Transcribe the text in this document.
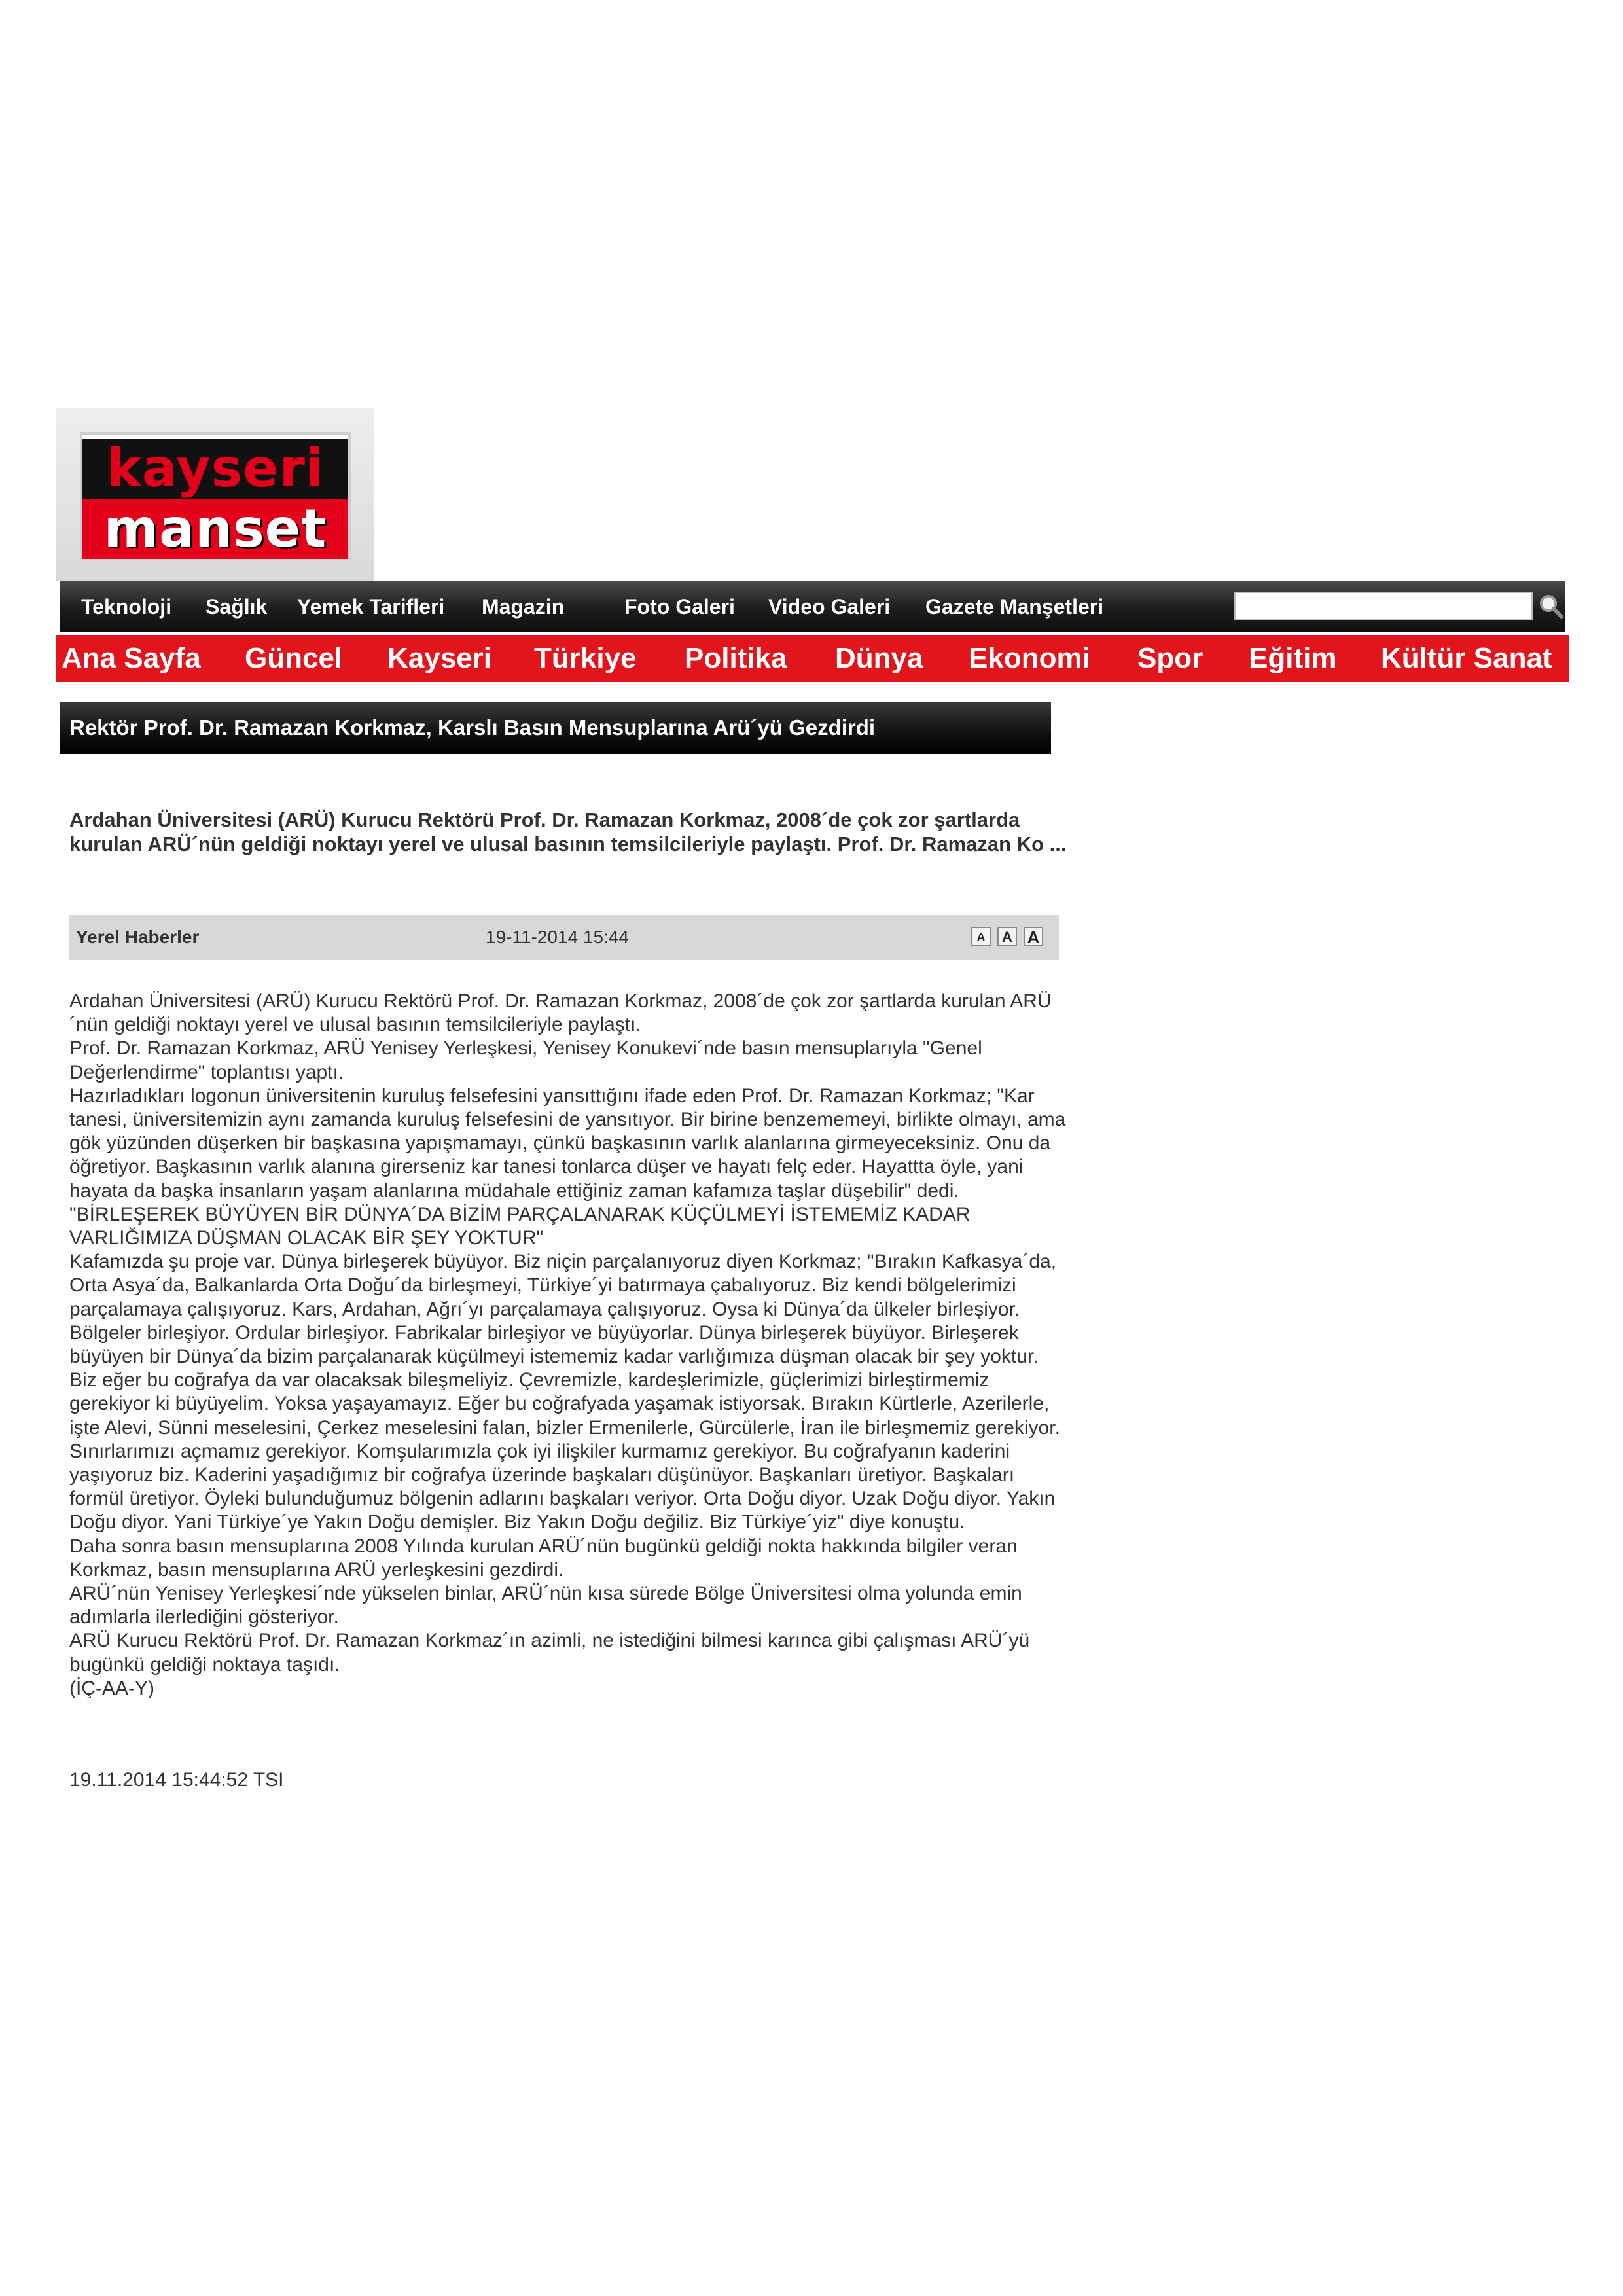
kayseri
manset
Teknoloji Sağlık Yemek Tarifleri Magazin	Foto Galeri Video Galeri Gazete Manşetleri
Ana Sayfa Güncel Kayseri Türkiye Politika Dünya Ekonomi Spor Eğitim Kültür Sanat
Rektör Prof. Dr. Ramazan Korkmaz, Karslı Basın Mensuplarına Arü´yü Gezdirdi
Ardahan Üniversitesi (ARÜ) Kurucu Rektörü Prof. Dr. Ramazan Korkmaz, 2008´de çok zor şartlarda kurulan ARÜ´nün geldiği noktayı yerel ve ulusal basının temsilcileriyle paylaştı. Prof. Dr. Ramazan Ko ...
Yerel Haberler	19-11-2014 15:44	A	A A

Ardahan Üniversitesi (ARÜ) Kurucu Rektörü Prof. Dr. Ramazan Korkmaz, 2008´de çok zor şartlarda kurulan ARÜ´nün geldiği noktayı yerel ve ulusal basının temsilcileriyle paylaştı.

Prof. Dr. Ramazan Korkmaz, ARÜ Yenisey Yerleşkesi, Yenisey Konukevi´nde basın mensuplarıyla "Genel Değerlendirme" toplantısı yaptı.

Hazırladıkları logonun üniversitenin kuruluş felsefesini yansıttığını ifade eden Prof. Dr. Ramazan Korkmaz; "Kar tanesi, üniversitemizin aynı zamanda kuruluş felsefesini de yansıtıyor. Bir birine benzememeyi, birlikte olmayı, ama gök yüzünden düşerken bir başkasına yapışmamayı, çünkü başkasının varlık alanlarına girmeyeceksiniz. Onu da öğretiyor. Başkasının varlık alanına girerseniz kar tanesi tonlarca düşer ve hayatı felç eder. Hayattta öyle, yani hayata da başka insanların yaşam alanlarına müdahale ettiğiniz zaman kafamıza taşlar düşebilir" dedi.

"BİRLEŞEREK BÜYÜYEN BİR DÜNYA´DA BİZİM PARÇALANARAK KÜÇÜLMEYİ İSTEMEMİZ KADAR VARLIĞIMIZA DÜŞMAN OLACAK BİR ŞEY YOKTUR"

Kafamızda şu proje var. Dünya birleşerek büyüyor. Biz niçin parçalanıyoruz diyen Korkmaz; "Bırakın Kafkasya´da, Orta Asya´da, Balkanlarda Orta Doğu´da birleşmeyi, Türkiye´yi batırmaya çabalıyoruz. Biz kendi bölgelerimizi parçalamaya çalışıyoruz. Kars, Ardahan, Ağrı´yı parçalamaya çalışıyoruz. Oysa ki Dünya´da ülkeler birleşiyor. Bölgeler birleşiyor. Ordular birleşiyor. Fabrikalar birleşiyor ve büyüyorlar. Dünya birleşerek büyüyor. Birleşerek büyüyen bir Dünya´da bizim parçalanarak küçülmeyi istememiz kadar varlığımıza düşman olacak bir şey yoktur. Biz eğer bu coğrafya da var olacaksak bileşmeliyiz. Çevremizle, kardeşlerimizle, güçlerimizi birleştirmemiz gerekiyor ki büyüyelim. Yoksa yaşayamayız. Eğer bu coğrafyada yaşamak istiyorsak. Bırakın Kürtlerle, Azerilerle, işte Alevi, Sünni meselesini, Çerkez meselesini falan, bizler Ermenilerle, Gürcülerle, İran ile birleşmemiz gerekiyor. Sınırlarımızı açmamız gerekiyor. Komşularımızla çok iyi ilişkiler kurmamız gerekiyor. Bu coğrafyanın kaderini yaşıyoruz biz. Kaderini yaşadığımız bir coğrafya üzerinde başkaları düşünüyor. Başkanları üretiyor. Başkaları formül üretiyor. Öyleki bulunduğumuz bölgenin adlarını başkaları veriyor. Orta Doğu diyor. Uzak Doğu diyor. Yakın Doğu diyor. Yani Türkiye´ye Yakın Doğu demişler. Biz Yakın Doğu değiliz. Biz Türkiye´yiz" diye konuştu.

Daha sonra basın mensuplarına 2008 Yılında kurulan ARÜ´nün bugünkü geldiği nokta hakkında bilgiler veran Korkmaz, basın mensuplarına ARÜ yerleşkesini gezdirdi.

ARÜ´nün Yenisey Yerleşkesi´nde yükselen binlar, ARÜ´nün kısa sürede Bölge Üniversitesi olma yolunda emin adımlarla ilerlediğini gösteriyor.

ARÜ Kurucu Rektörü Prof. Dr. Ramazan Korkmaz´ın azimli, ne istediğini bilmesi karınca gibi çalışması ARÜ´yü bugünkü geldiği noktaya taşıdı.

(İÇ-AA-Y)

19.11.2014 15:44:52 TSI
